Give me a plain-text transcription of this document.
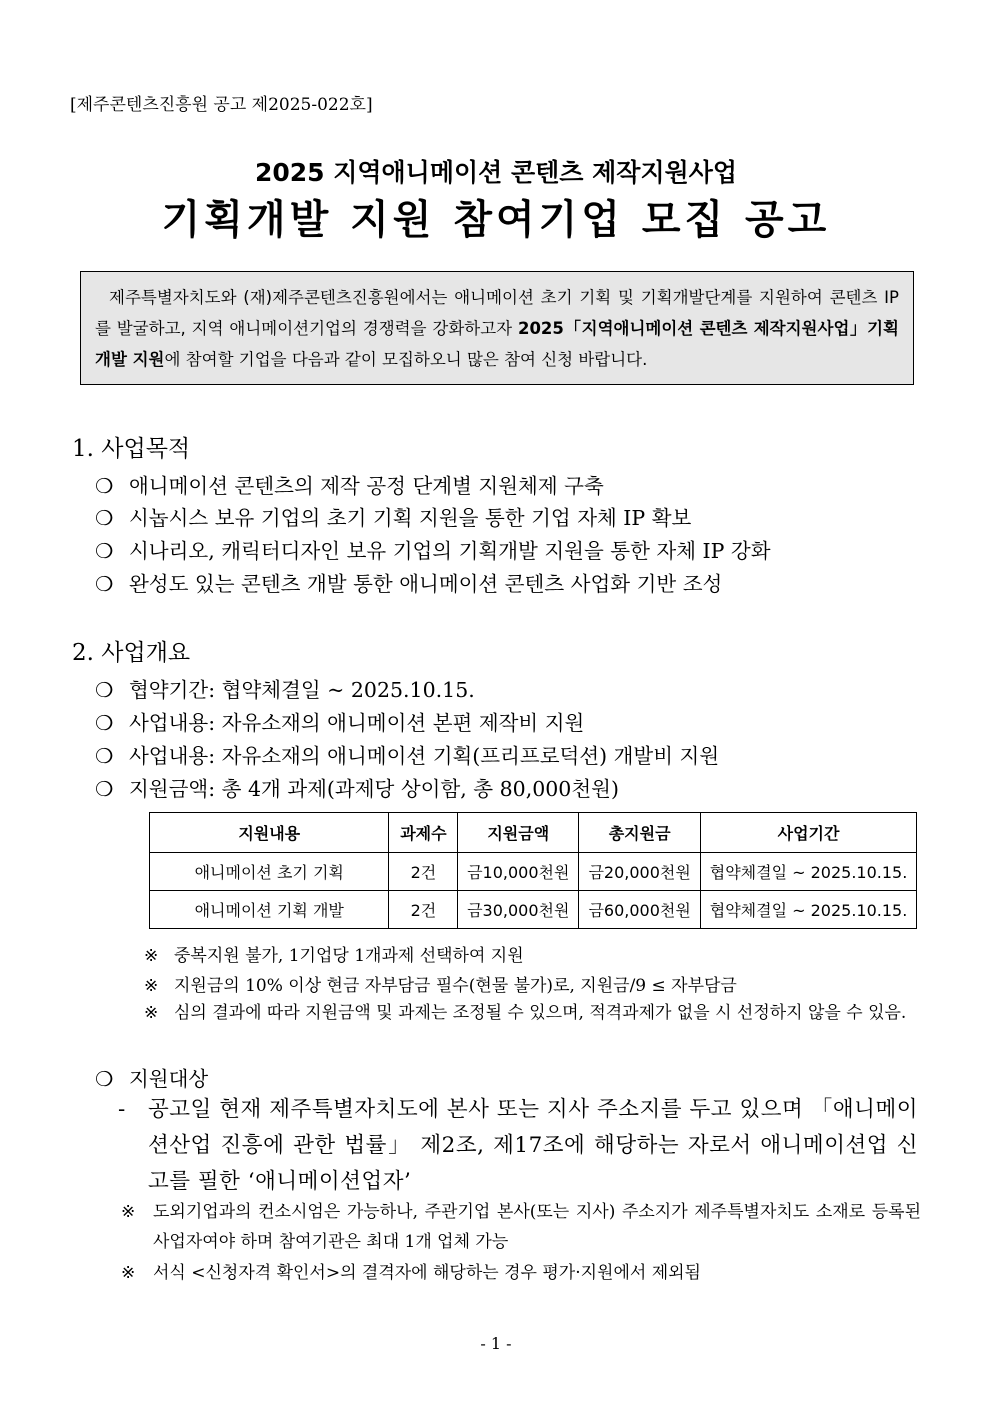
[제주콘텐츠진흥원 공고 제2025-022호]
2025 지역애니메이션 콘텐츠 제작지원사업
기획개발 지원 참여기업 모집 공고
제주특별자치도와 (재)제주콘텐츠진흥원에서는 애니메이션 초기 기획 및 기획개발단계를 지원하여 콘텐츠 IP를 발굴하고, 지역 애니메이션기업의 경쟁력을 강화하고자 2025「지역애니메이션 콘텐츠 제작지원사업」기획개발 지원에 참여할 기업을 다음과 같이 모집하오니 많은 참여 신청 바랍니다.
1. 사업목적
❍ 애니메이션 콘텐츠의 제작 공정 단계별 지원체제 구축
❍ 시놉시스 보유 기업의 초기 기획 지원을 통한 기업 자체 IP 확보
❍ 시나리오, 캐릭터디자인 보유 기업의 기획개발 지원을 통한 자체 IP 강화
❍ 완성도 있는 콘텐츠 개발 통한 애니메이션 콘텐츠 사업화 기반 조성
2. 사업개요
❍ 협약기간: 협약체결일 ~ 2025.10.15.
❍ 사업내용: 자유소재의 애니메이션 본편 제작비 지원
❍ 사업내용: 자유소재의 애니메이션 기획(프리프로덕션) 개발비 지원
❍ 지원금액: 총 4개 과제(과제당 상이함, 총 80,000천원)
지원내용	과제수	지원금액	총지원금	사업기간
애니메이션 초기 기획	2건	금10,000천원	금20,000천원	협약체결일 ~ 2025.10.15.
애니메이션 기획 개발	2건	금30,000천원	금60,000천원	협약체결일 ~ 2025.10.15.
※ 중복지원 불가, 1기업당 1개과제 선택하여 지원
※ 지원금의 10% 이상 현금 자부담금 필수(현물 불가)로, 지원금/9 ≤ 자부담금
※ 심의 결과에 따라 지원금액 및 과제는 조정될 수 있으며, 적격과제가 없을 시 선정하지 않을 수 있음.
❍ 지원대상
-	공고일 현재 제주특별자치도에 본사 또는 지사 주소지를 두고 있으며 「애니메이션산업 진흥에 관한 법률」 제2조, 제17조에 해당하는 자로서 애니메이션업 신고를 필한 ‘애니메이션업자’
※	도외기업과의 컨소시엄은 가능하나, 주관기업 본사(또는 지사) 주소지가 제주특별자치도 소재로 등록된 사업자여야 하며 참여기관은 최대 1개 업체 가능
※	서식 <신청자격 확인서>의 결격자에 해당하는 경우 평가·지원에서 제외됨
- 1 -
